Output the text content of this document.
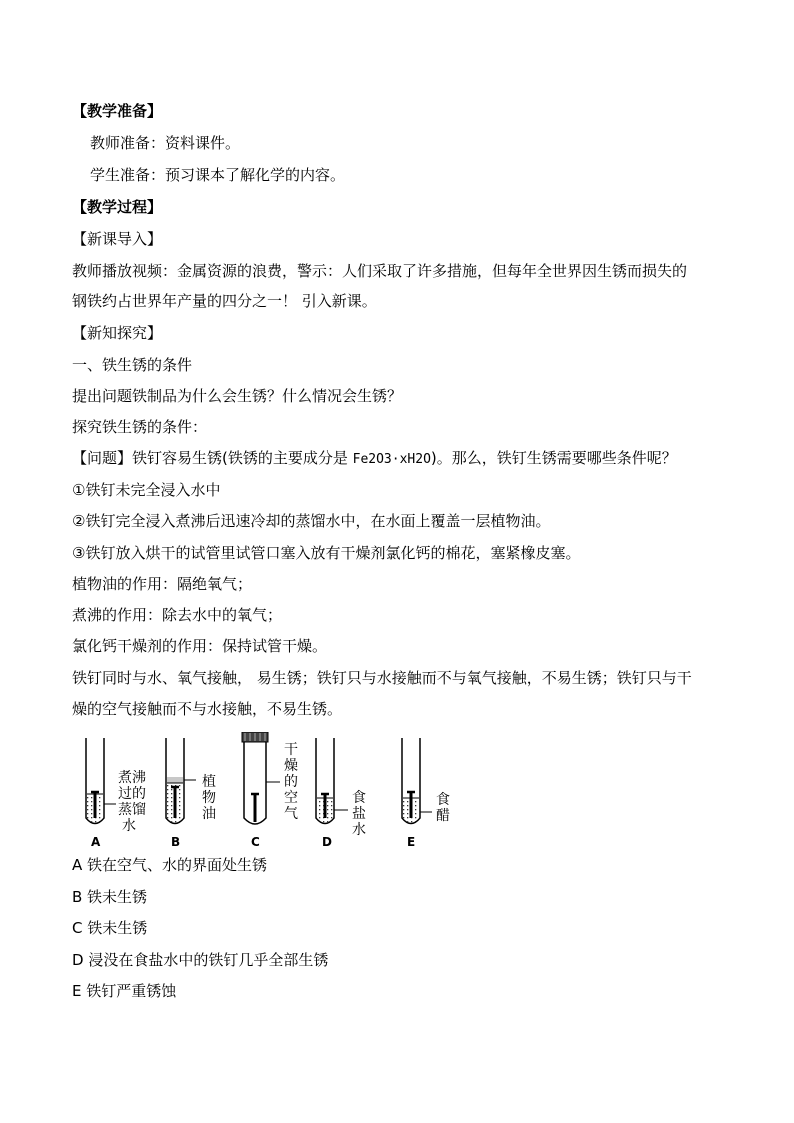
【教学准备】
教师准备：资料课件。
学生准备：预习课本了解化学的内容。
【教学过程】
【新课导入】
教师播放视频：金属资源的浪费，警示：人们采取了许多措施，但每年全世界因生锈而损失的
钢铁约占世界年产量的四分之一！ 引入新课。
【新知探究】
一、铁生锈的条件
提出问题铁制品为什么会生锈？什么情况会生锈？
探究铁生锈的条件：
【问题】铁钉容易生锈(铁锈的主要成分是 Fe2O3·xH2O)。那么，铁钉生锈需要哪些条件呢？
①铁钉未完全浸入水中
②铁钉完全浸入煮沸后迅速冷却的蒸馏水中，在水面上覆盖一层植物油。
③铁钉放入烘干的试管里试管口塞入放有干燥剂氯化钙的棉花，塞紧橡皮塞。
植物油的作用：隔绝氧气；
煮沸的作用：除去水中的氧气；
氯化钙干燥剂的作用：保持试管干燥。
铁钉同时与水、氧气接触， 易生锈；铁钉只与水接触而不与氧气接触，不易生锈；铁钉只与干
燥的空气接触而不与水接触，不易生锈。
煮沸
过的
蒸馏
水
A
植
物
油
B
干
燥
的
空
气
C
食
盐
水
D
食
醋
E
A 铁在空气、水的界面处生锈
B 铁未生锈
C 铁未生锈
D 浸没在食盐水中的铁钉几乎全部生锈
E 铁钉严重锈蚀
